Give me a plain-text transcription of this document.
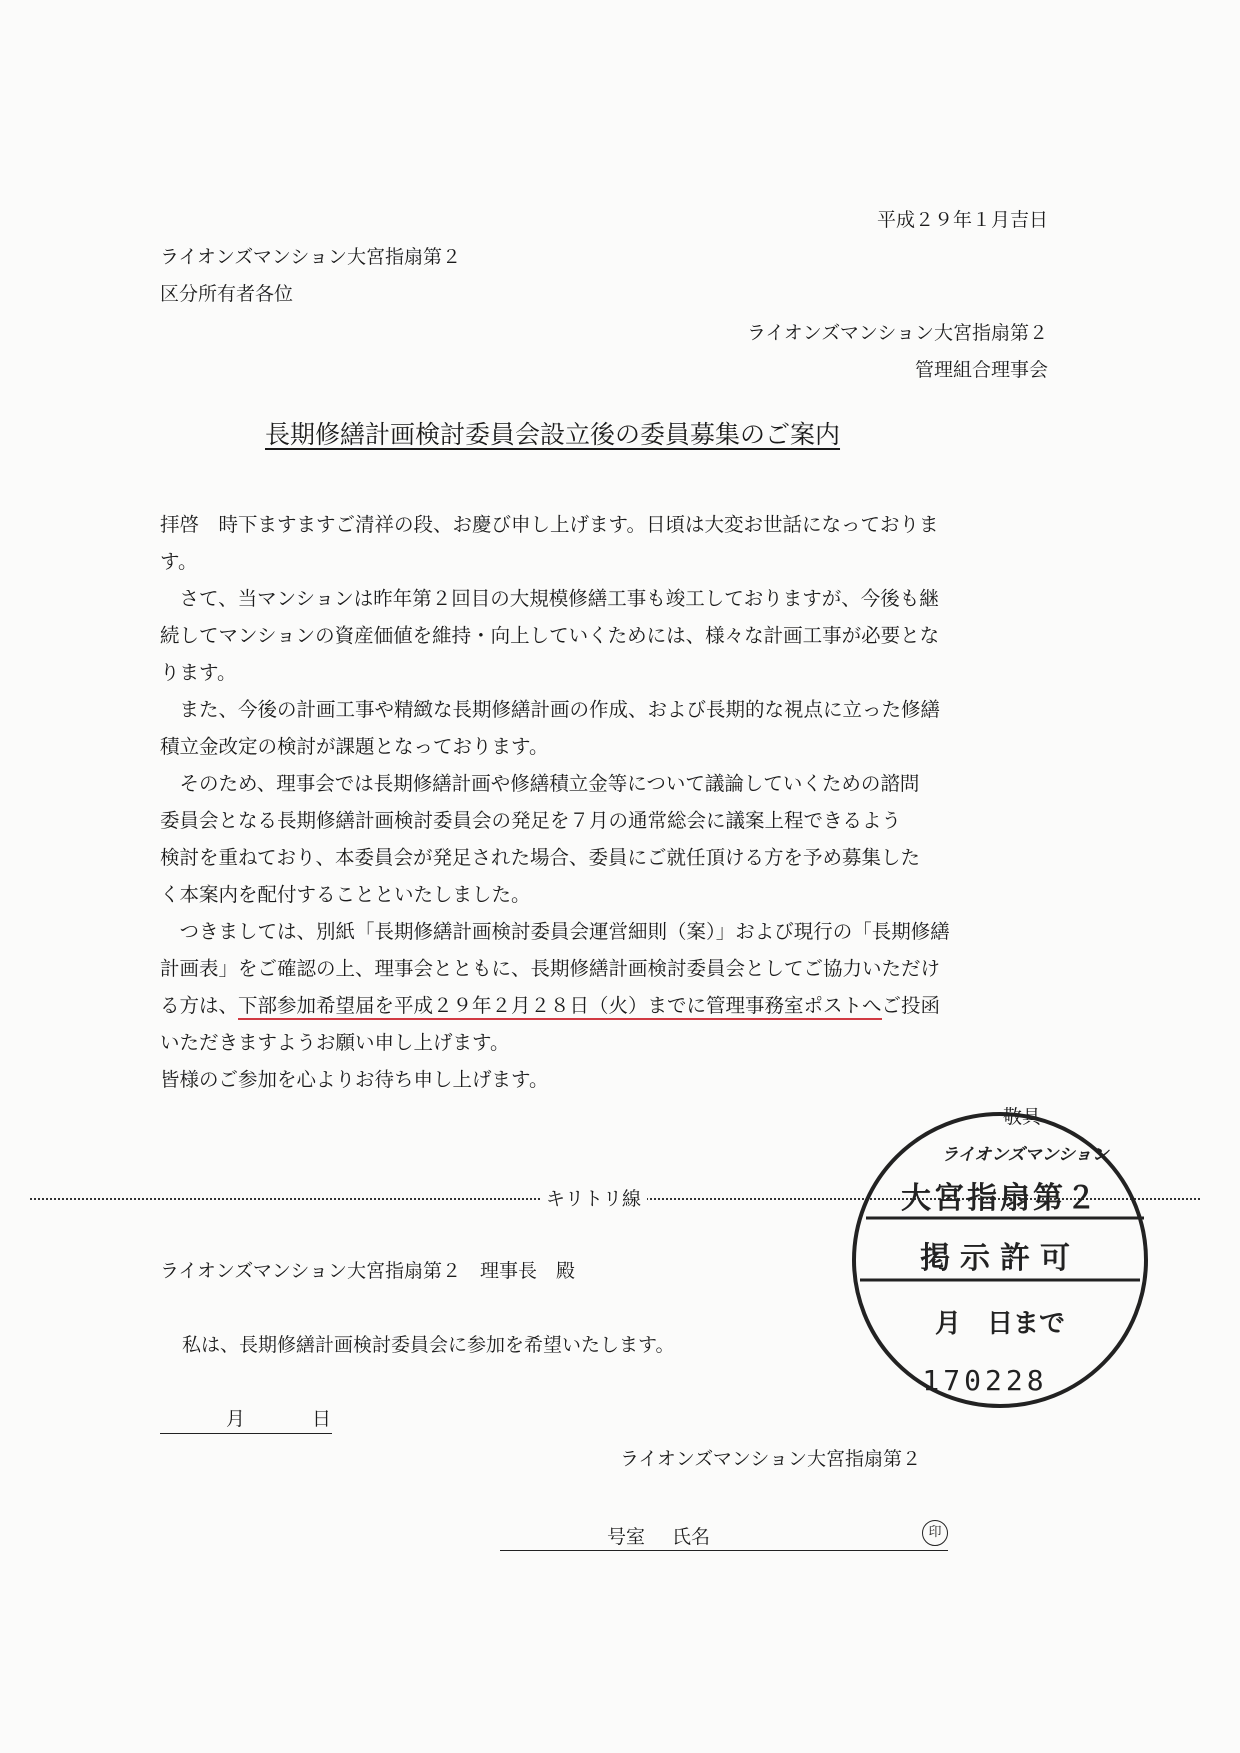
平成２９年１月吉日
ライオンズマンション大宮指扇第２
区分所有者各位
ライオンズマンション大宮指扇第２
管理組合理事会
長期修繕計画検討委員会設立後の委員募集のご案内
拝啓　時下ますますご清祥の段、お慶び申し上げます。日頃は大変お世話になっておりま
す。
　さて、当マンションは昨年第２回目の大規模修繕工事も竣工しておりますが、今後も継
続してマンションの資産価値を維持・向上していくためには、様々な計画工事が必要とな
ります。
　また、今後の計画工事や精緻な長期修繕計画の作成、および長期的な視点に立った修繕
積立金改定の検討が課題となっております。
　そのため、理事会では長期修繕計画や修繕積立金等について議論していくための諮問
委員会となる長期修繕計画検討委員会の発足を７月の通常総会に議案上程できるよう
検討を重ねており、本委員会が発足された場合、委員にご就任頂ける方を予め募集した
く本案内を配付することといたしました。
　つきましては、別紙「長期修繕計画検討委員会運営細則（案）」および現行の「長期修繕
計画表」をご確認の上、理事会とともに、長期修繕計画検討委員会としてご協力いただけ
る方は、下部参加希望届を平成２９年２月２８日（火）までに管理事務室ポストへご投函
いただきますようお願い申し上げます。
皆様のご参加を心よりお待ち申し上げます。
敬具
キリトリ線
ライオンズマンション大宮指扇第２　理事長　殿
私は、長期修繕計画検討委員会に参加を希望いたします。
月	日
ライオンズマンション大宮指扇第２
号室 氏名	印
ライオンズマンション
大宮指扇第２
掲示許可
月　日まで
170228
